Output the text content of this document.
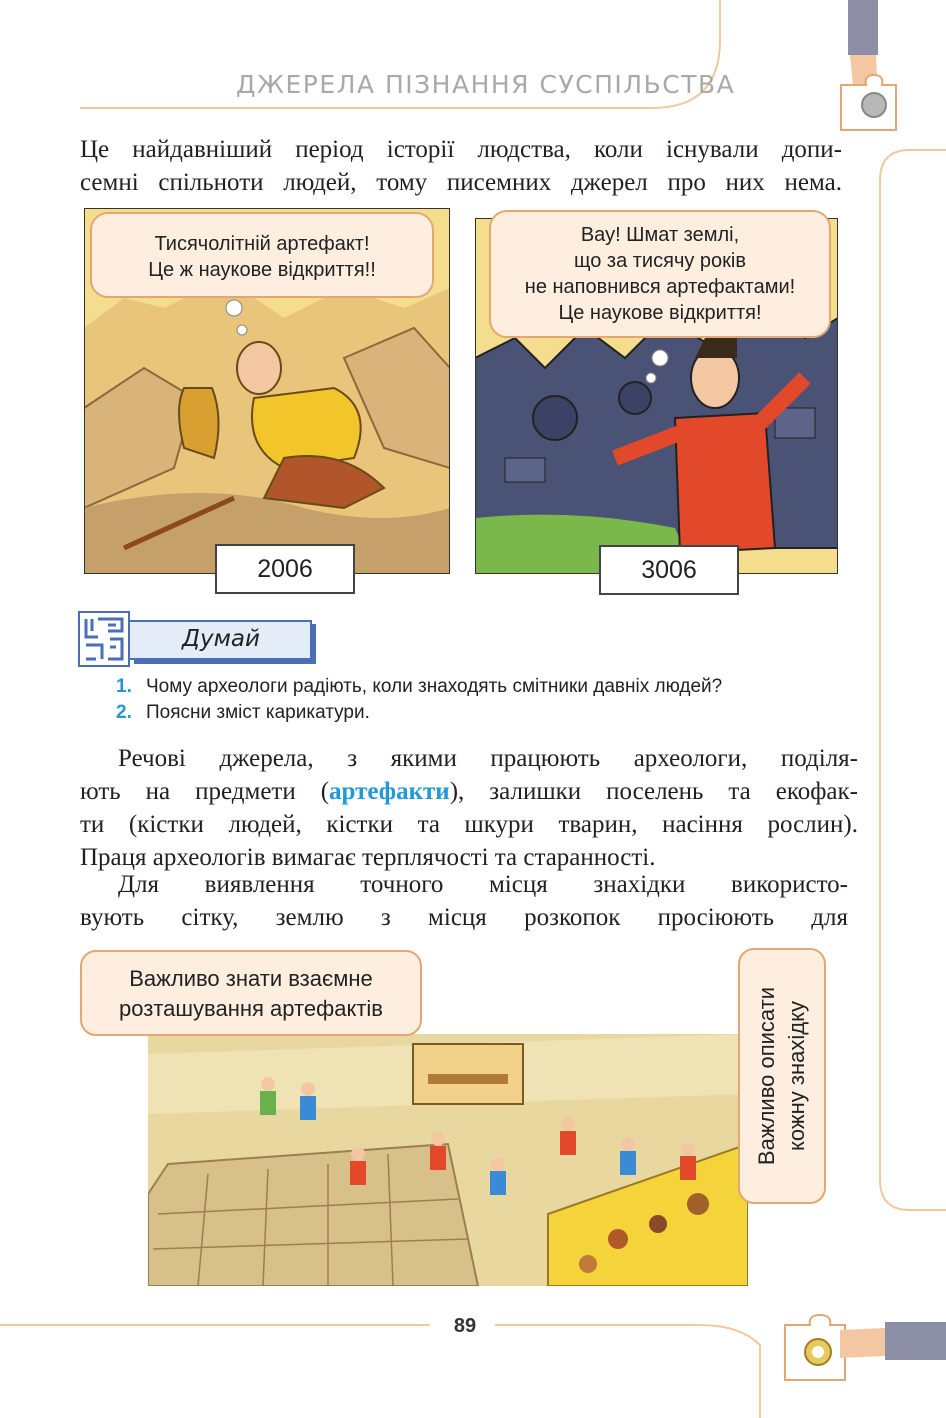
ДЖЕРЕЛА ПІЗНАННЯ СУСПІЛЬСТВА
Це найдавніший період історії людства, коли існували допи-
семні спільноти людей, тому писемних джерел про них нема.
Тисячолітній артефакт!
Це ж наукове відкриття!!
2006
Вау! Шмат землі,
що за тисячу років
не наповнився артефактами!
Це наукове відкриття!
3006
Думай
1. Чому археологи радіють, коли знаходять смітники давніх людей?
2. Поясни зміст карикатури.
Речові джерела, з якими працюють археологи, поділя-
ють на предмети (артефакти), залишки поселень та екофак-
ти (кістки людей, кістки та шкури тварин, насіння рослин).
Праця археологів вимагає терплячості та старанності.
Для виявлення точного місця знахідки використо-
вують сітку, землю з місця розкопок просіюють для
Важливо знати взаємне
розташування артефактів	Важливо описати кожну знахідку
89
